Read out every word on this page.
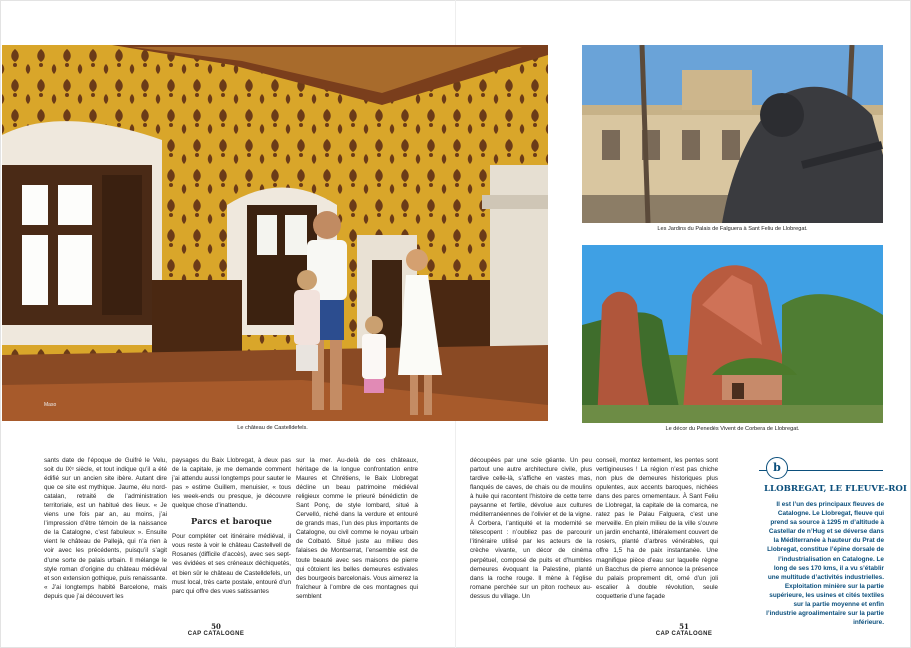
Maso
Le château de Castelldefels.
Les Jardins du Palais de Falguera à Sant Feliu de Llobregat.
Le décor du Penedès Vivent de Corbera de Llobregat.

sants date de l’époque de Guifré le Velu, soit du IXᵉ siècle, et tout indique qu’il a été édifié sur un ancien site ibère. Autant dire que ce site est mythique. Jaume, élu nord-catalan, retraité de l’administration territoriale, est un habitué des lieux. « Je viens une fois par an, au moins, j’ai l’impression d’être témoin de la naissance de la Catalogne, c’est fabuleux ». Ensuite vient le château de Pallejà, qui n’a rien à voir avec les précédents, puisqu’il s’agit d’une sorte de palais urbain. Il mélange le style roman d’origine du château médiéval et son extension gothique, puis renaissante. « J’ai longtemps habité Barcelone, mais depuis que j’ai découvert les

paysages du Baix Llobregat, à deux pas de la capitale, je me demande comment j’ai attendu aussi longtemps pour sauter le pas » estime Guillem, menuisier, « tous les week-ends ou presque, je découvre quelque chose d’inattendu.

Parcs et baroque

Pour compléter cet itinéraire médiéval, il vous reste à voir le château Castellvell de Rosanes (difficile d’accès), avec ses sept-ves évidées et ses créneaux déchiquetés, et bien sûr le château de Castelldefels, un must local, très carte postale, entouré d’un parc qui offre des vues satissantes

sur la mer. Au-delà de ces châteaux, héritage de la longue confrontation entre Maures et Chrétiens, le Baix Llobregat décline un beau patrimoine médiéval religieux comme le prieuré bénédictin de Sant Ponç, de style lombard, situé à Cervelló, niché dans la verdure et entouré de grands mas, l’un des plus importants de Catalogne, ou civil comme le noyau urbain de Colbató. Situé juste au milieu des falaises de Montserrat, l’ensemble est de toute beauté avec ses maisons de pierre qui côtoient les belles demeures estivales des bourgeois barcelonais. Vous aimerez la fraîcheur à l’ombre de ces montagnes qui semblent

découpées par une scie géante. Un peu partout une autre architecture civile, plus tardive celle-là, s’affiche en vastes mas, flanqués de caves, de chais ou de moulins à huile qui racontent l’histoire de cette terre paysanne et fertile, dévolue aux cultures méditerranéennes de l’olivier et de la vigne. À Corbera, l’antiquité et la modernité se télescopent : n’oubliez pas de parcourir l’itinéraire utilisé par les acteurs de la crèche vivante, un décor de cinéma perpétuel, composé de puits et d’humbles demeures évoquant la Palestine, planté dans la roche rouge. Il mène à l’église romane perchée sur un piton rocheux au-dessus du village. Un

conseil, montez lentement, les pentes sont vertigineuses ! La région n’est pas chiche non plus de demeures historiques plus opulentes, aux accents baroques, nichées dans des parcs ornementaux. À Sant Feliu de Llobregat, la capitale de la comarca, ne ratez pas le Palau Falguera, c’est une merveille. En plein milieu de la ville s’ouvre un jardin enchanté, littéralement couvert de rosiers, planté d’arbres vénérables, qui offre 1,5 ha de paix instantanée. Une magnifique pièce d’eau sur laquelle règne un Bacchus de pierre annonce la présence du palais proprement dit, orné d’un joli escalier à double révolution, seule coquetterie d’une façade

b
LLOBREGAT, LE FLEUVE-ROI
Il est l’un des principaux fleuves de Catalogne. Le Llobregat, fleuve qui prend sa source à 1295 m d’altitude à Castellar de n’Hug et se déverse dans la Méditerranée à hauteur du Prat de Llobregat, constitue l’épine dorsale de l’industrialisation en Catalogne. Le long de ses 170 kms, il a vu s’établir une multitude d’activités industrielles. Exploitation minière sur la partie supérieure, les usines et cités textiles sur la partie moyenne et enfin l’industrie agroalimentaire sur la partie inférieure.
50
CAP CATALOGNE
51
CAP CATALOGNE
